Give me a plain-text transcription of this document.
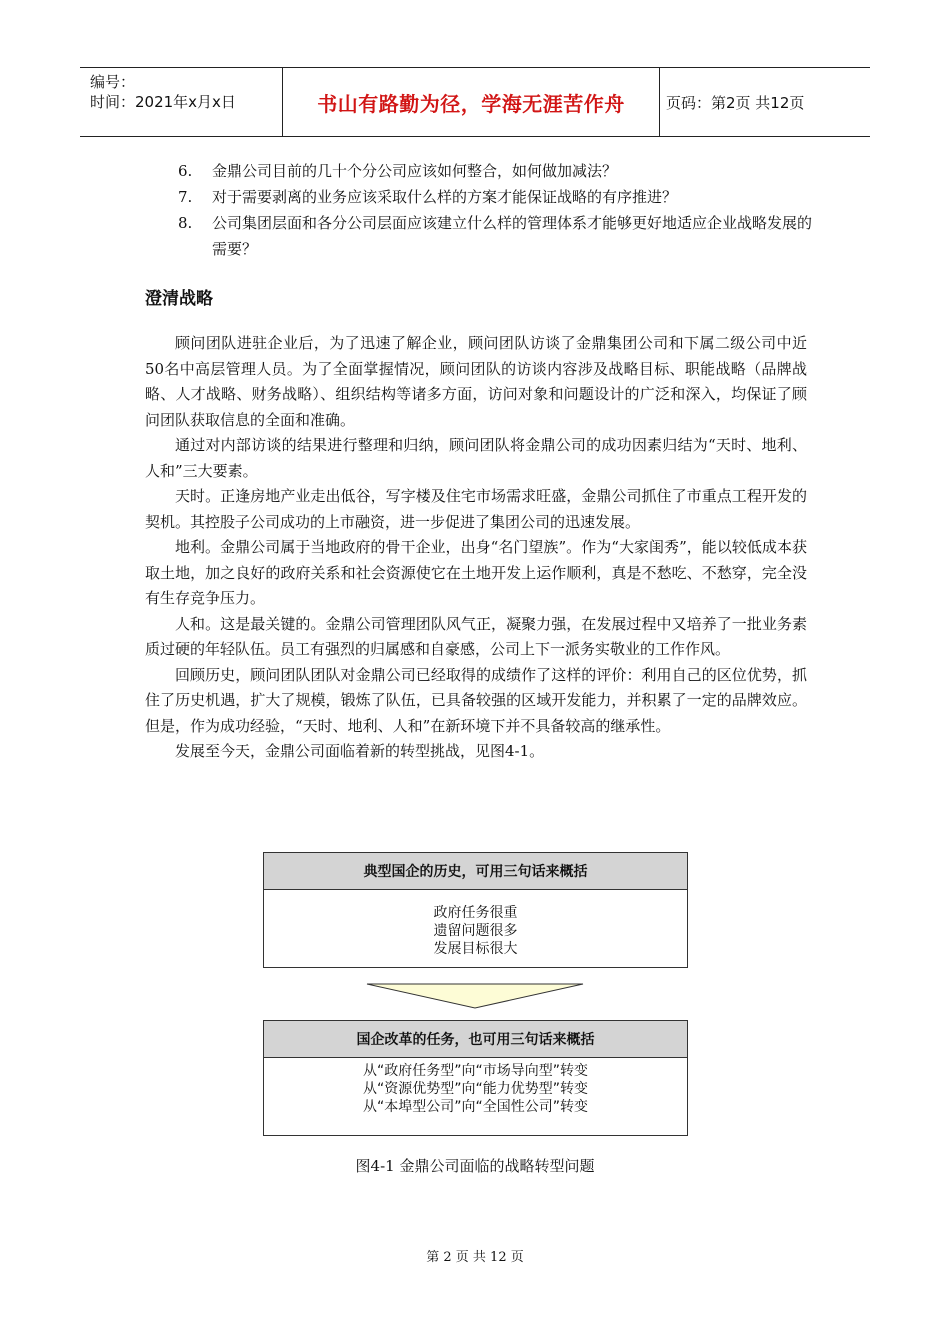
编号：
时间：2021年x月x日	书山有路勤为径，学海无涯苦作舟	页码：第2页 共12页
6. 金鼎公司目前的几十个分公司应该如何整合，如何做加减法？
7. 对于需要剥离的业务应该采取什么样的方案才能保证战略的有序推进？
8. 公司集团层面和各分公司层面应该建立什么样的管理体系才能够更好地适应企业战略发展的需要？
澄清战略

顾问团队进驻企业后，为了迅速了解企业，顾问团队访谈了金鼎集团公司和下属二级公司中近50名中高层管理人员。为了全面掌握情况，顾问团队的访谈内容涉及战略目标、职能战略（品牌战略、人才战略、财务战略）、组织结构等诸多方面，访问对象和问题设计的广泛和深入，均保证了顾问团队获取信息的全面和准确。

通过对内部访谈的结果进行整理和归纳，顾问团队将金鼎公司的成功因素归结为“天时、地利、人和”三大要素。

天时。正逢房地产业走出低谷，写字楼及住宅市场需求旺盛，金鼎公司抓住了市重点工程开发的契机。其控股子公司成功的上市融资，进一步促进了集团公司的迅速发展。

地利。金鼎公司属于当地政府的骨干企业，出身“名门望族”。作为“大家闺秀”，能以较低成本获取土地，加之良好的政府关系和社会资源使它在土地开发上运作顺利，真是不愁吃、不愁穿，完全没有生存竞争压力。

人和。这是最关键的。金鼎公司管理团队风气正，凝聚力强，在发展过程中又培养了一批业务素质过硬的年轻队伍。员工有强烈的归属感和自豪感，公司上下一派务实敬业的工作作风。

回顾历史，顾问团队团队对金鼎公司已经取得的成绩作了这样的评价：利用自己的区位优势，抓住了历史机遇，扩大了规模，锻炼了队伍，已具备较强的区域开发能力，并积累了一定的品牌效应。但是，作为成功经验，“天时、地利、人和”在新环境下并不具备较高的继承性。

发展至今天，金鼎公司面临着新的转型挑战，见图4-1。

典型国企的历史，可用三句话来概括
政府任务很重
遗留问题很多
发展目标很大
国企改革的任务，也可用三句话来概括
从“政府任务型”向“市场导向型”转变
从“资源优势型”向“能力优势型”转变
从“本埠型公司”向“全国性公司”转变
图4-1 金鼎公司面临的战略转型问题
第 2 页 共 12 页
